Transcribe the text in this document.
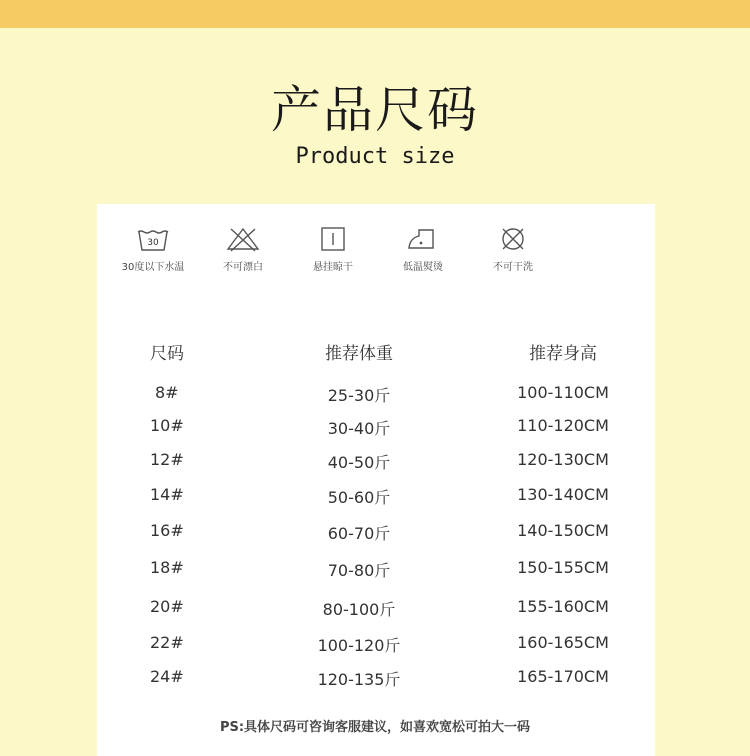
产品尺码
Product size
30
30度以下水温	不可漂白	悬挂晾干	低温熨烫	不可干洗
尺码	推荐体重	推荐身高
8#	25-30斤	100-110CM
10#	30-40斤	110-120CM
12#	40-50斤	120-130CM
14#	50-60斤	130-140CM
16#	60-70斤	140-150CM
18#	70-80斤	150-155CM
20#	80-100斤	155-160CM
22#	100-120斤	160-165CM
24#	120-135斤	165-170CM
PS:具体尺码可咨询客服建议，如喜欢宽松可拍大一码
